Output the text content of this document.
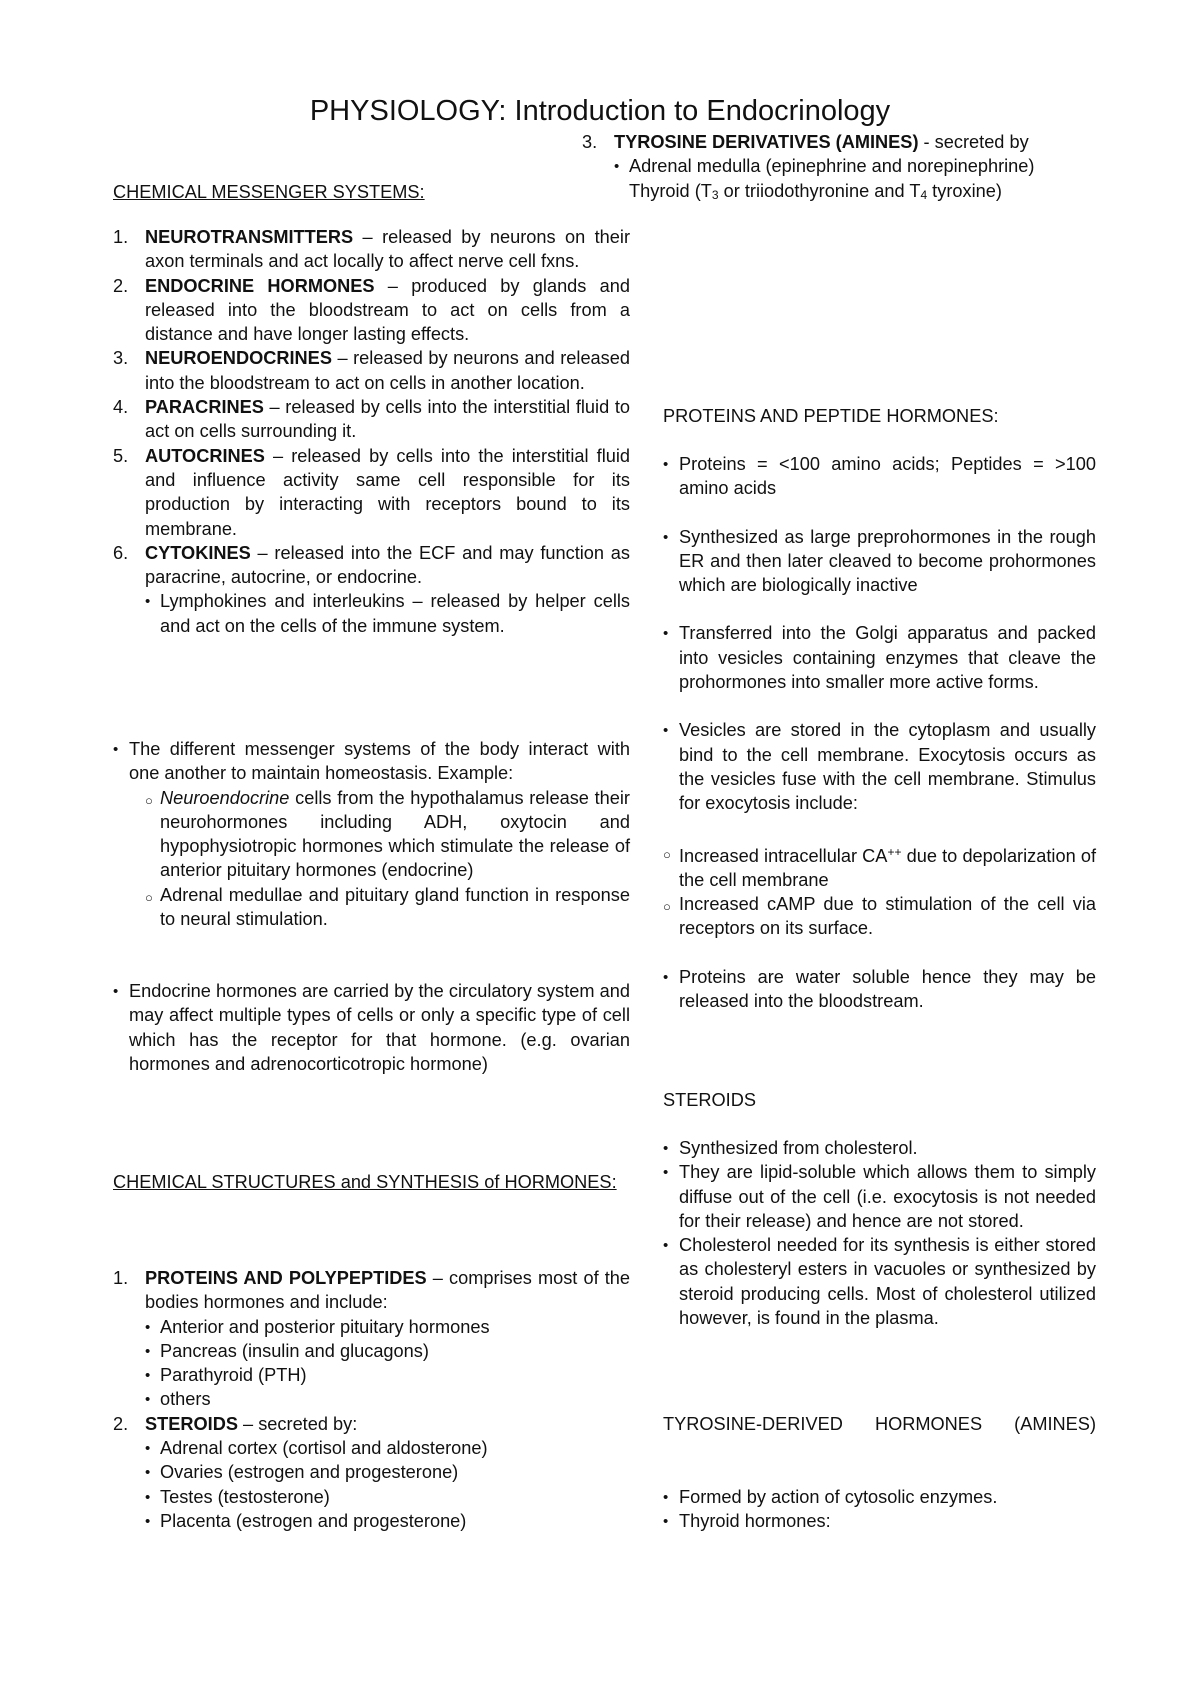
PHYSIOLOGY: Introduction to Endocrinology
CHEMICAL MESSENGER SYSTEMS:
1. NEUROTRANSMITTERS – released by neurons on their axon terminals and act locally to affect nerve cell fxns.

2. ENDOCRINE HORMONES – produced by glands and released into the bloodstream to act on cells from a distance and have longer lasting effects.

3. NEUROENDOCRINES – released by neurons and released into the bloodstream to act on cells in another location.

4. PARACRINES – released by cells into the interstitial fluid to act on cells surrounding it.

5. AUTOCRINES – released by cells into the interstitial fluid and influence activity same cell responsible for its production by interacting with receptors bound to its membrane.

6. CYTOKINES – released into the ECF and may function as paracrine, autocrine, or endocrine.

• Lymphokines and interleukins – released by helper cells and act on the cells of the immune system.

• The different messenger systems of the body interact with one another to maintain homeostasis. Example:

○ Neuroendocrine cells from the hypothalamus release their neurohormones including ADH, oxytocin and hypophysiotropic hormones which stimulate the release of anterior pituitary hormones (endocrine)

○ Adrenal medullae and pituitary gland function in response to neural stimulation.

• Endocrine hormones are carried by the circulatory system and may affect multiple types of cells or only a specific type of cell which has the receptor for that hormone. (e.g. ovarian hormones and adrenocorticotropic hormone)

CHEMICAL STRUCTURES and SYNTHESIS of HORMONES:
1. PROTEINS AND POLYPEPTIDES – comprises most of the bodies hormones and include:

• Anterior and posterior pituitary hormones

• Pancreas (insulin and glucagons)

• Parathyroid (PTH)

• others

2. STEROIDS – secreted by:

• Adrenal cortex (cortisol and aldosterone)

• Ovaries (estrogen and progesterone)

• Testes (testosterone)

• Placenta (estrogen and progesterone)

3. TYROSINE DERIVATIVES (AMINES) - secreted by

• Adrenal medulla (epinephrine and norepinephrine)

Thyroid ($T_3$ or triiodothyronine and $T_4$ tyroxine)

PROTEINS AND PEPTIDE HORMONES:
• Proteins = <100 amino acids; Peptides = >100 amino acids

• Synthesized as large preprohormones in the rough ER and then later cleaved to become prohormones which are biologically inactive

• Transferred into the Golgi apparatus and packed into vesicles containing enzymes that cleave the prohormones into smaller more active forms.

• Vesicles are stored in the cytoplasm and usually bind to the cell membrane. Exocytosis occurs as the vesicles fuse with the cell membrane. Stimulus for exocytosis include:

○ Increased intracellular CA++ due to depolarization of the cell membrane

○ Increased cAMP due to stimulation of the cell via receptors on its surface.

• Proteins are water soluble hence they may be released into the bloodstream.

STEROIDS
• Synthesized from cholesterol.

• They are lipid-soluble which allows them to simply diffuse out of the cell (i.e. exocytosis is not needed for their release) and hence are not stored.

• Cholesterol needed for its synthesis is either stored as cholesteryl esters in vacuoles or synthesized by steroid producing cells. Most of cholesterol utilized however, is found in the plasma.

TYROSINE-DERIVED HORMONES (AMINES)
• Formed by action of cytosolic enzymes.

• Thyroid hormones:
